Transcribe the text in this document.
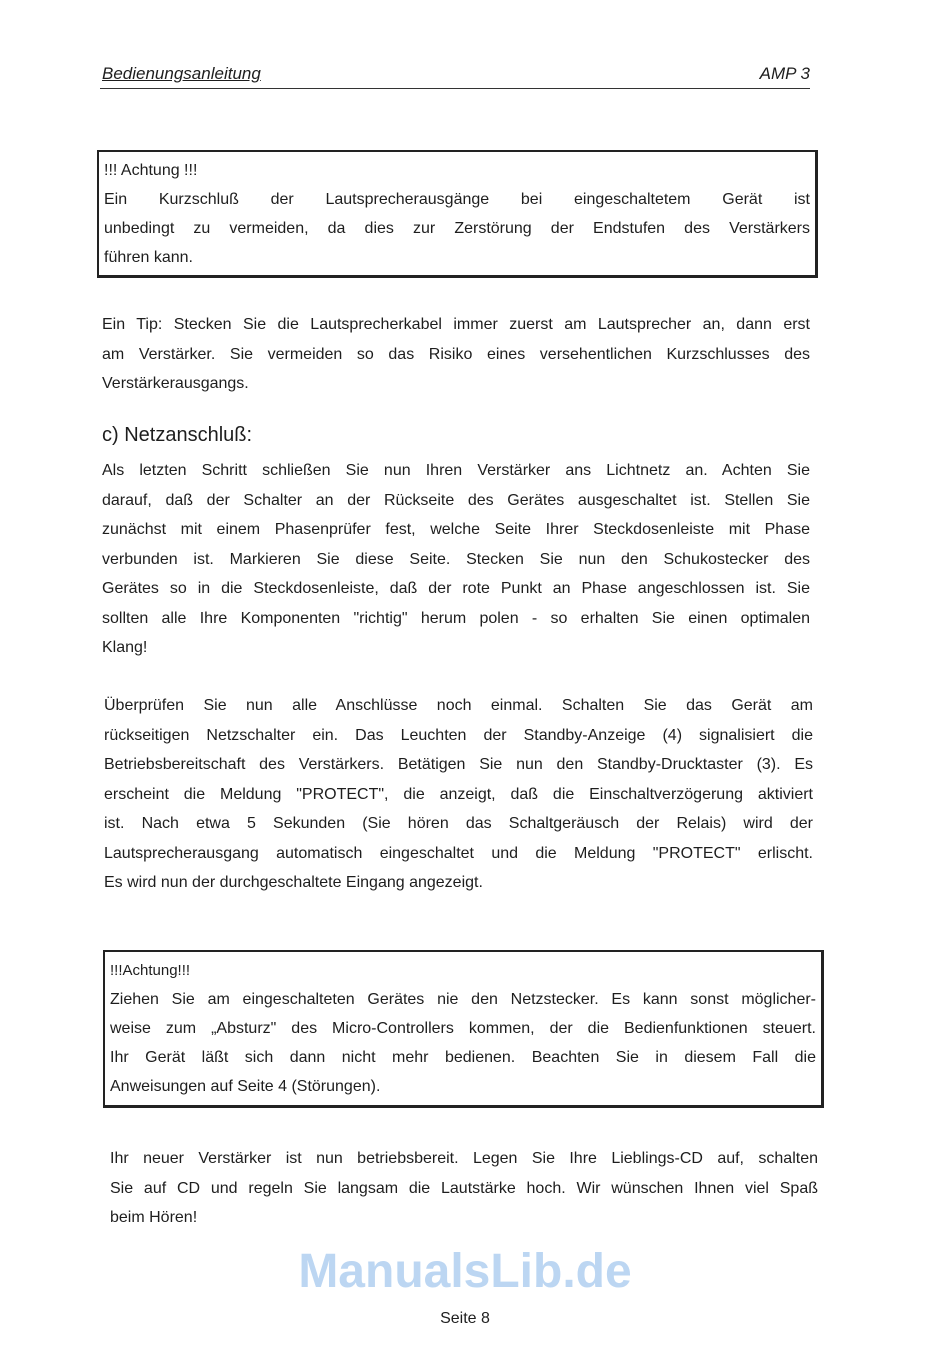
Bedienungsanleitung	AMP 3
!!! Achtung !!!
Ein Kurzschluß der Lautsprecherausgänge bei eingeschaltetem Gerät ist
unbedingt zu vermeiden, da dies zur Zerstörung der Endstufen des Verstärkers
führen kann.
Ein Tip: Stecken Sie die Lautsprecherkabel immer zuerst am Lautsprecher an, dann erst
am Verstärker. Sie vermeiden so das Risiko eines versehentlichen Kurzschlusses des
Verstärkerausgangs.
c) Netzanschluß:
Als letzten Schritt schließen Sie nun Ihren Verstärker ans Lichtnetz an. Achten Sie
darauf, daß der Schalter an der Rückseite des Gerätes ausgeschaltet ist. Stellen Sie
zunächst mit einem Phasenprüfer fest, welche Seite Ihrer Steckdosenleiste mit Phase
verbunden ist. Markieren Sie diese Seite. Stecken Sie nun den Schukostecker des
Gerätes so in die Steckdosenleiste, daß der rote Punkt an Phase angeschlossen ist. Sie
sollten alle Ihre Komponenten "richtig" herum polen - so erhalten Sie einen optimalen
Klang!
Überprüfen Sie nun alle Anschlüsse noch einmal. Schalten Sie das Gerät am
rückseitigen Netzschalter ein. Das Leuchten der Standby-Anzeige (4) signalisiert die
Betriebsbereitschaft des Verstärkers. Betätigen Sie nun den Standby-Drucktaster (3). Es
erscheint die Meldung "PROTECT", die anzeigt, daß die Einschaltverzögerung aktiviert
ist. Nach etwa 5 Sekunden (Sie hören das Schaltgeräusch der Relais) wird der
Lautsprecherausgang automatisch eingeschaltet und die Meldung "PROTECT" erlischt.
Es wird nun der durchgeschaltete Eingang angezeigt.
!!!Achtung!!!
Ziehen Sie am eingeschalteten Gerätes nie den Netzstecker. Es kann sonst möglicher-
weise zum „Absturz" des Micro-Controllers kommen, der die Bedienfunktionen steuert.
Ihr Gerät läßt sich dann nicht mehr bedienen. Beachten Sie in diesem Fall die
Anweisungen auf Seite 4 (Störungen).
Ihr neuer Verstärker ist nun betriebsbereit. Legen Sie Ihre Lieblings-CD auf, schalten
Sie auf CD und regeln Sie langsam die Lautstärke hoch. Wir wünschen Ihnen viel Spaß
beim Hören!
ManualsLib.de
Seite 8
